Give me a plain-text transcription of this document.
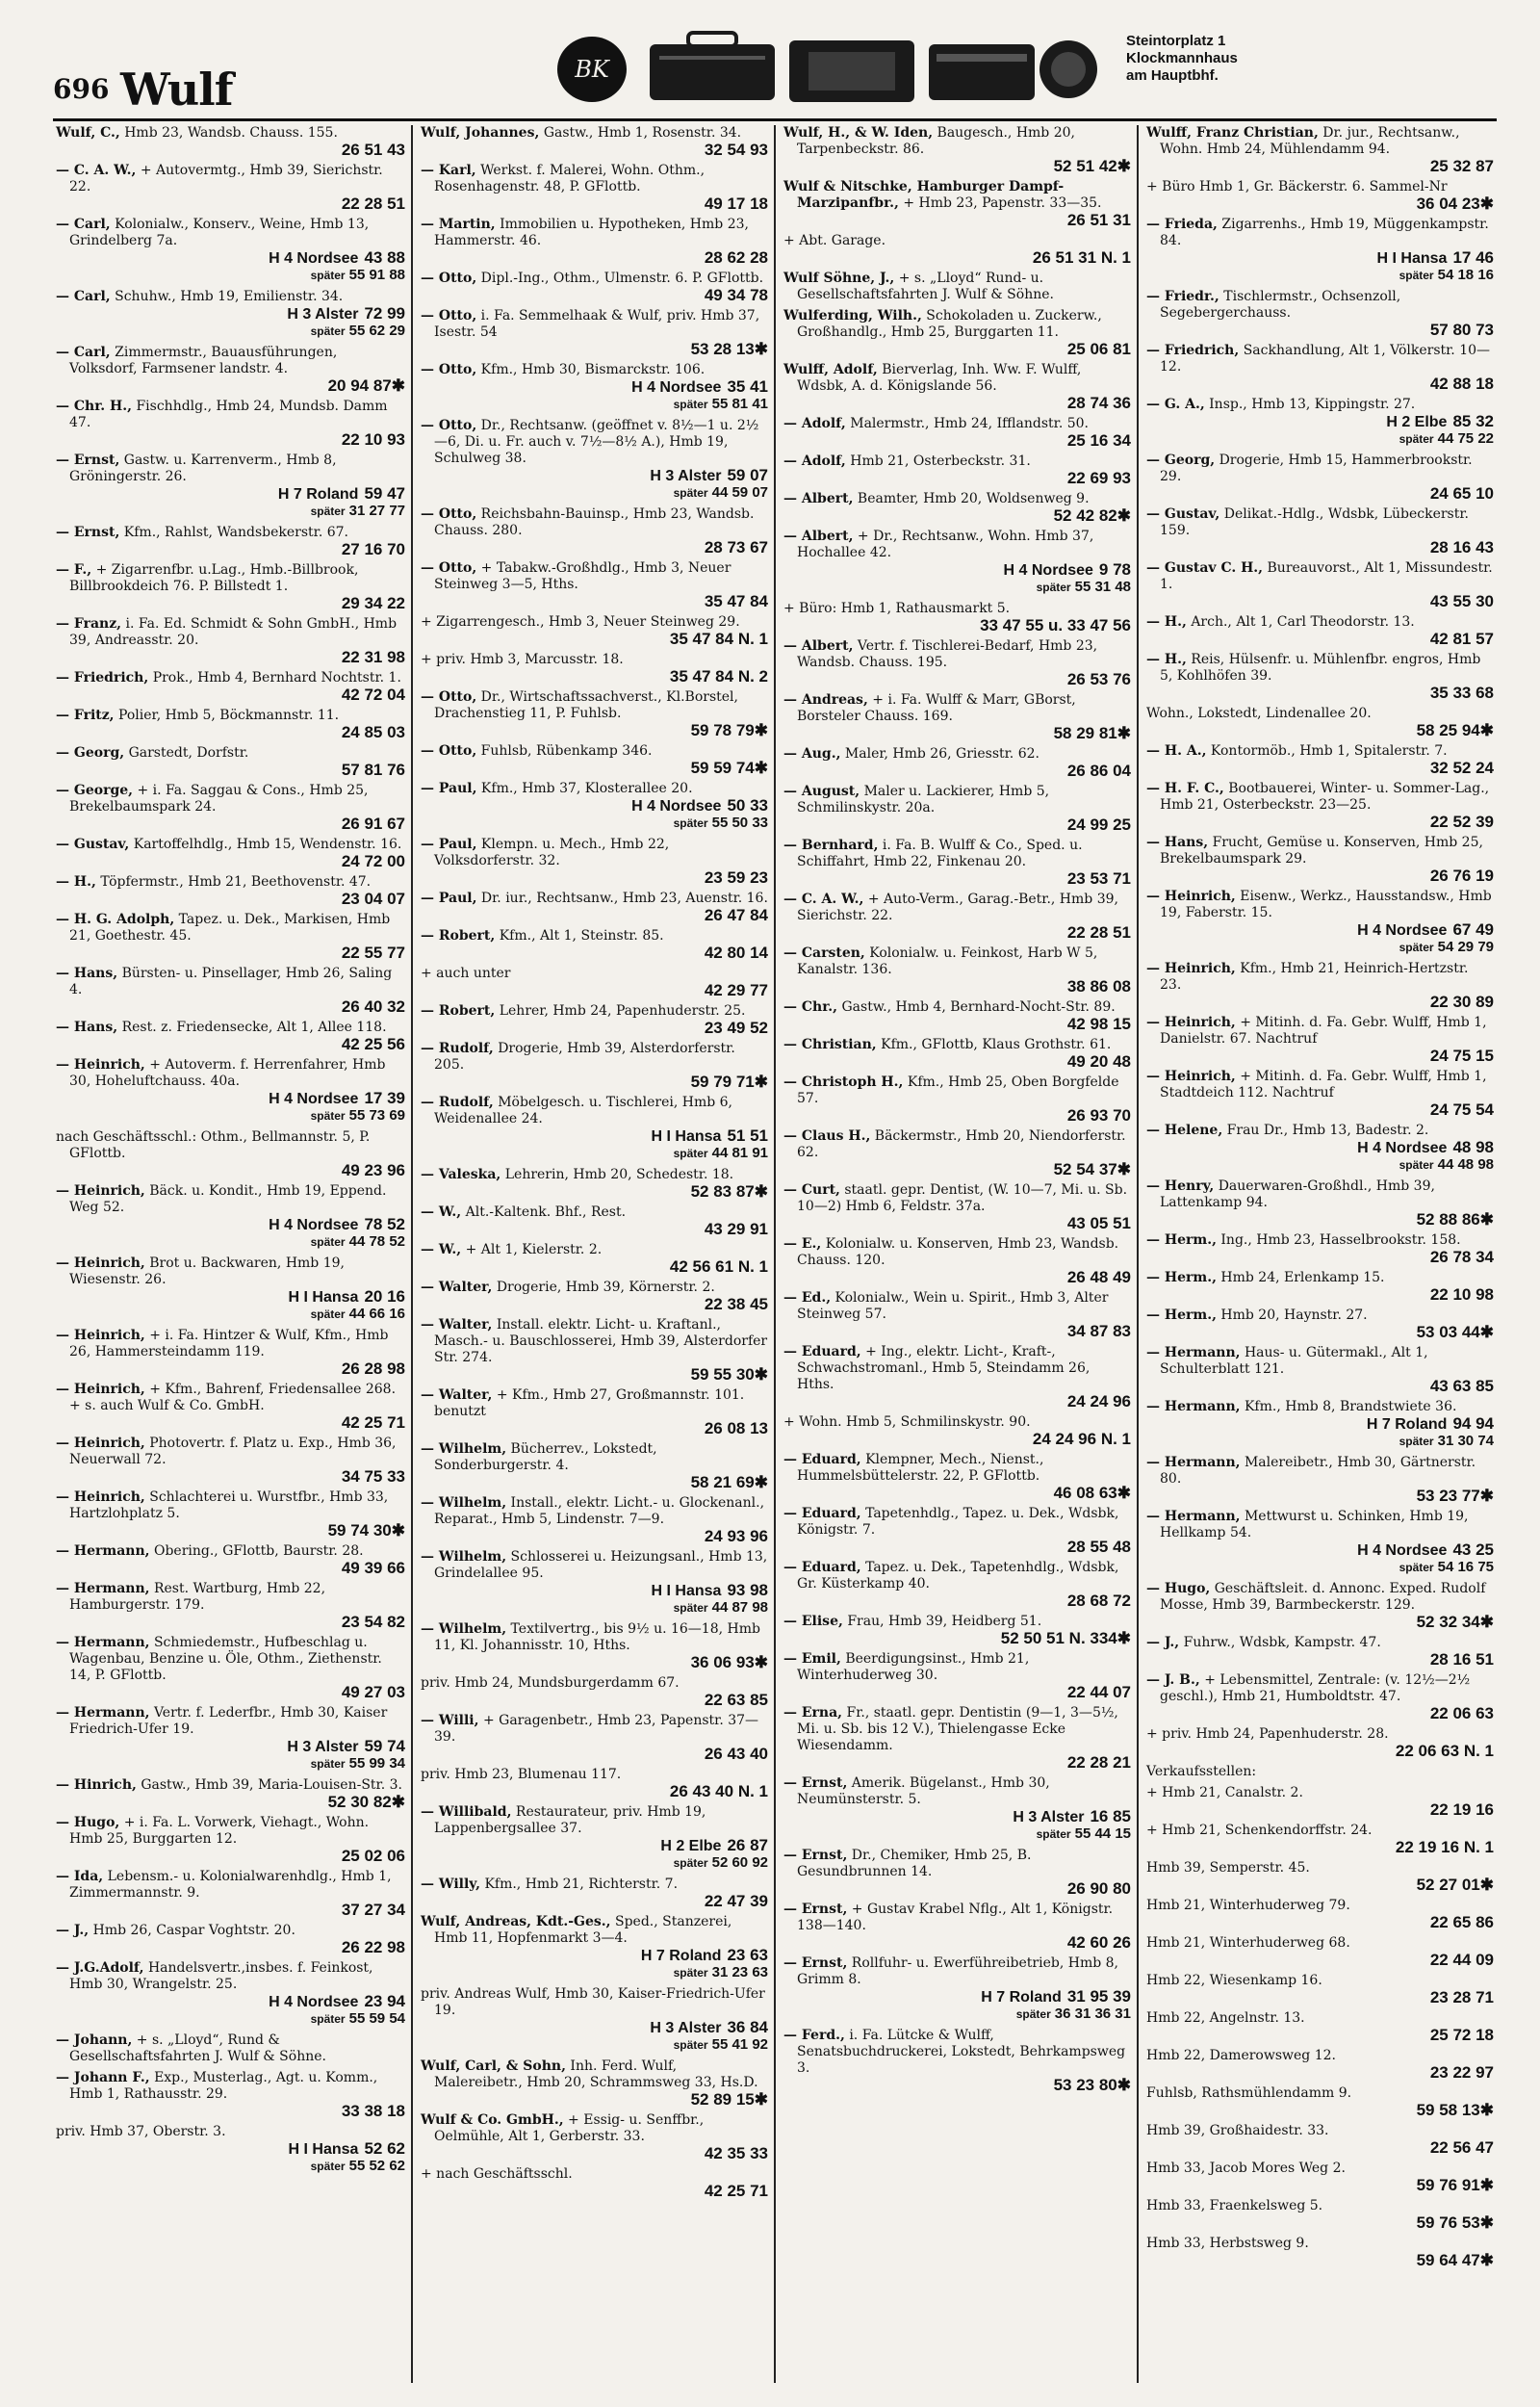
696 Wulf	BK
Steintorplatz 1
Klockmannhaus
am Hauptbhf.
Wulf, C., Hmb 23, Wandsb. Chauss. 155.
26 51 43
— C. A. W., + Autovermtg., Hmb 39, Sierichstr. 22.
22 28 51
— Carl, Kolonialw., Konserv., Weine, Hmb 13, Grindelberg 7a.
H 4 Nordsee 43 88
später 55 91 88
— Carl, Schuhw., Hmb 19, Emilienstr. 34.
H 3 Alster 72 99
später 55 62 29
— Carl, Zimmermstr., Bauausführungen, Volksdorf, Farmsener landstr. 4.
20 94 87✱
— Chr. H., Fischhdlg., Hmb 24, Mundsb. Damm 47.
22 10 93
— Ernst, Gastw. u. Karrenverm., Hmb 8, Gröningerstr. 26.
H 7 Roland 59 47
später 31 27 77
— Ernst, Kfm., Rahlst, Wandsbekerstr. 67.
27 16 70
— F., + Zigarrenfbr. u.Lag., Hmb.-Billbrook, Billbrookdeich 76. P. Billstedt 1.
29 34 22
— Franz, i. Fa. Ed. Schmidt & Sohn GmbH., Hmb 39, Andreasstr. 20.
22 31 98
— Friedrich, Prok., Hmb 4, Bernhard Nochtstr. 1.
42 72 04
— Fritz, Polier, Hmb 5, Böckmannstr. 11.
24 85 03
— Georg, Garstedt, Dorfstr.
57 81 76
— George, + i. Fa. Saggau & Cons., Hmb 25, Brekelbaumspark 24.
26 91 67
— Gustav, Kartoffelhdlg., Hmb 15, Wendenstr. 16.
24 72 00
— H., Töpfermstr., Hmb 21, Beethovenstr. 47.
23 04 07
— H. G. Adolph, Tapez. u. Dek., Markisen, Hmb 21, Goethestr. 45.
22 55 77
— Hans, Bürsten- u. Pinsellager, Hmb 26, Saling 4.
26 40 32
— Hans, Rest. z. Friedensecke, Alt 1, Allee 118.
42 25 56
— Heinrich, + Autoverm. f. Herrenfahrer, Hmb 30, Hoheluftchauss. 40a.
H 4 Nordsee 17 39
später 55 73 69
nach Geschäftsschl.: Othm., Bellmannstr. 5, P. GFlottb.
49 23 96
— Heinrich, Bäck. u. Kondit., Hmb 19, Eppend. Weg 52.
H 4 Nordsee 78 52
später 44 78 52
— Heinrich, Brot u. Backwaren, Hmb 19, Wiesenstr. 26.
H I Hansa 20 16
später 44 66 16
— Heinrich, + i. Fa. Hintzer & Wulf, Kfm., Hmb 26, Hammersteindamm 119.
26 28 98
— Heinrich, + Kfm., Bahrenf, Friedensallee 268. + s. auch Wulf & Co. GmbH.
42 25 71
— Heinrich, Photovertr. f. Platz u. Exp., Hmb 36, Neuerwall 72.
34 75 33
— Heinrich, Schlachterei u. Wurstfbr., Hmb 33, Hartzlohplatz 5.
59 74 30✱
— Hermann, Obering., GFlottb, Baurstr. 28.
49 39 66
— Hermann, Rest. Wartburg, Hmb 22, Hamburgerstr. 179.
23 54 82
— Hermann, Schmiedemstr., Hufbeschlag u. Wagenbau, Benzine u. Öle, Othm., Ziethenstr. 14, P. GFlottb.
49 27 03
— Hermann, Vertr. f. Lederfbr., Hmb 30, Kaiser Friedrich-Ufer 19.
H 3 Alster 59 74
später 55 99 34
— Hinrich, Gastw., Hmb 39, Maria-Louisen-Str. 3.
52 30 82✱
— Hugo, + i. Fa. L. Vorwerk, Viehagt., Wohn. Hmb 25, Burggarten 12.
25 02 06
— Ida, Lebensm.- u. Kolonialwarenhdlg., Hmb 1, Zimmermannstr. 9.
37 27 34
— J., Hmb 26, Caspar Voghtstr. 20.
26 22 98
— J.G.Adolf, Handelsvertr.,insbes. f. Feinkost, Hmb 30, Wrangelstr. 25.
H 4 Nordsee 23 94
später 55 59 54
— Johann, + s. „Lloyd“, Rund & Gesellschaftsfahrten J. Wulf & Söhne.
— Johann F., Exp., Musterlag., Agt. u. Komm., Hmb 1, Rathausstr. 29.
33 38 18
priv. Hmb 37, Oberstr. 3.
H I Hansa 52 62
später 55 52 62
Wulf, Johannes, Gastw., Hmb 1, Rosenstr. 34.
32 54 93
— Karl, Werkst. f. Malerei, Wohn. Othm., Rosenhagenstr. 48, P. GFlottb.
49 17 18
— Martin, Immobilien u. Hypotheken, Hmb 23, Hammerstr. 46.
28 62 28
— Otto, Dipl.-Ing., Othm., Ulmenstr. 6. P. GFlottb.
49 34 78
— Otto, i. Fa. Semmelhaak & Wulf, priv. Hmb 37, Isestr. 54
53 28 13✱
— Otto, Kfm., Hmb 30, Bismarckstr. 106.
H 4 Nordsee 35 41
später 55 81 41
— Otto, Dr., Rechtsanw. (geöffnet v. 8½—1 u. 2½—6, Di. u. Fr. auch v. 7½—8½ A.), Hmb 19, Schulweg 38.
H 3 Alster 59 07
später 44 59 07
— Otto, Reichsbahn-Bauinsp., Hmb 23, Wandsb. Chauss. 280.
28 73 67
— Otto, + Tabakw.-Großhdlg., Hmb 3, Neuer Steinweg 3—5, Hths.
35 47 84
+ Zigarrengesch., Hmb 3, Neuer Steinweg 29.
35 47 84 N. 1
+ priv. Hmb 3, Marcusstr. 18.
35 47 84 N. 2
— Otto, Dr., Wirtschaftssachverst., Kl.Borstel, Drachenstieg 11, P. Fuhlsb.
59 78 79✱
— Otto, Fuhlsb, Rübenkamp 346.
59 59 74✱
— Paul, Kfm., Hmb 37, Klosterallee 20.
H 4 Nordsee 50 33
später 55 50 33
— Paul, Klempn. u. Mech., Hmb 22, Volksdorferstr. 32.
23 59 23
— Paul, Dr. iur., Rechtsanw., Hmb 23, Auenstr. 16.
26 47 84
— Robert, Kfm., Alt 1, Steinstr. 85.
42 80 14
+ auch unter
42 29 77
— Robert, Lehrer, Hmb 24, Papenhuderstr. 25.
23 49 52
— Rudolf, Drogerie, Hmb 39, Alsterdorferstr. 205.
59 79 71✱
— Rudolf, Möbelgesch. u. Tischlerei, Hmb 6, Weidenallee 24.
H I Hansa 51 51
später 44 81 91
— Valeska, Lehrerin, Hmb 20, Schedestr. 18.
52 83 87✱
— W., Alt.-Kaltenk. Bhf., Rest.
43 29 91
— W., + Alt 1, Kielerstr. 2.
42 56 61 N. 1
— Walter, Drogerie, Hmb 39, Körnerstr. 2.
22 38 45
— Walter, Install. elektr. Licht- u. Kraftanl., Masch.- u. Bauschlosserei, Hmb 39, Alsterdorfer Str. 274.
59 55 30✱
— Walter, + Kfm., Hmb 27, Großmannstr. 101. benutzt
26 08 13
— Wilhelm, Bücherrev., Lokstedt, Sonderburgerstr. 4.
58 21 69✱
— Wilhelm, Install., elektr. Licht.- u. Glockenanl., Reparat., Hmb 5, Lindenstr. 7—9.
24 93 96
— Wilhelm, Schlosserei u. Heizungsanl., Hmb 13, Grindelallee 95.
H I Hansa 93 98
später 44 87 98
— Wilhelm, Textilvertrg., bis 9½ u. 16—18, Hmb 11, Kl. Johannisstr. 10, Hths.
36 06 93✱
priv. Hmb 24, Mundsburgerdamm 67.
22 63 85
— Willi, + Garagenbetr., Hmb 23, Papenstr. 37—39.
26 43 40
priv. Hmb 23, Blumenau 117.
26 43 40 N. 1
— Willibald, Restaurateur, priv. Hmb 19, Lappenbergsallee 37.
H 2 Elbe 26 87
später 52 60 92
— Willy, Kfm., Hmb 21, Richterstr. 7.
22 47 39
Wulf, Andreas, Kdt.-Ges., Sped., Stanzerei, Hmb 11, Hopfenmarkt 3—4.
H 7 Roland 23 63
später 31 23 63
priv. Andreas Wulf, Hmb 30, Kaiser-Friedrich-Ufer 19.
H 3 Alster 36 84
später 55 41 92
Wulf, Carl, & Sohn, Inh. Ferd. Wulf, Malereibetr., Hmb 20, Schrammsweg 33, Hs.D.
52 89 15✱
Wulf & Co. GmbH., + Essig- u. Senffbr., Oelmühle, Alt 1, Gerberstr. 33.
42 35 33
+ nach Geschäftsschl.
42 25 71
Wulf, H., & W. Iden, Baugesch., Hmb 20, Tarpenbeckstr. 86.
52 51 42✱
Wulf & Nitschke, Hamburger Dampf-Marzipanfbr., + Hmb 23, Papenstr. 33—35.
26 51 31
+ Abt. Garage.
26 51 31 N. 1
Wulf Söhne, J., + s. „Lloyd“ Rund- u. Gesellschaftsfahrten J. Wulf & Söhne.
Wulferding, Wilh., Schokoladen u. Zuckerw., Großhandlg., Hmb 25, Burggarten 11.
25 06 81
Wulff, Adolf, Bierverlag, Inh. Ww. F. Wulff, Wdsbk, A. d. Königslande 56.
28 74 36
— Adolf, Malermstr., Hmb 24, Ifflandstr. 50.
25 16 34
— Adolf, Hmb 21, Osterbeckstr. 31.
22 69 93
— Albert, Beamter, Hmb 20, Woldsenweg 9.
52 42 82✱
— Albert, + Dr., Rechtsanw., Wohn. Hmb 37, Hochallee 42.
H 4 Nordsee 9 78
später 55 31 48
+ Büro: Hmb 1, Rathausmarkt 5.
33 47 55 u. 33 47 56
— Albert, Vertr. f. Tischlerei-Bedarf, Hmb 23, Wandsb. Chauss. 195.
26 53 76
— Andreas, + i. Fa. Wulff & Marr, GBorst, Borsteler Chauss. 169.
58 29 81✱
— Aug., Maler, Hmb 26, Griesstr. 62.
26 86 04
— August, Maler u. Lackierer, Hmb 5, Schmilinskystr. 20a.
24 99 25
— Bernhard, i. Fa. B. Wulff & Co., Sped. u. Schiffahrt, Hmb 22, Finkenau 20.
23 53 71
— C. A. W., + Auto-Verm., Garag.-Betr., Hmb 39, Sierichstr. 22.
22 28 51
— Carsten, Kolonialw. u. Feinkost, Harb W 5, Kanalstr. 136.
38 86 08
— Chr., Gastw., Hmb 4, Bernhard-Nocht-Str. 89.
42 98 15
— Christian, Kfm., GFlottb, Klaus Grothstr. 61.
49 20 48
— Christoph H., Kfm., Hmb 25, Oben Borgfelde 57.
26 93 70
— Claus H., Bäckermstr., Hmb 20, Niendorferstr. 62.
52 54 37✱
— Curt, staatl. gepr. Dentist, (W. 10—7, Mi. u. Sb. 10—2) Hmb 6, Feldstr. 37a.
43 05 51
— E., Kolonialw. u. Konserven, Hmb 23, Wandsb. Chauss. 120.
26 48 49
— Ed., Kolonialw., Wein u. Spirit., Hmb 3, Alter Steinweg 57.
34 87 83
— Eduard, + Ing., elektr. Licht-, Kraft-, Schwachstromanl., Hmb 5, Steindamm 26, Hths.
24 24 96
+ Wohn. Hmb 5, Schmilinskystr. 90.
24 24 96 N. 1
— Eduard, Klempner, Mech., Nienst., Hummelsbüttelerstr. 22, P. GFlottb.
46 08 63✱
— Eduard, Tapetenhdlg., Tapez. u. Dek., Wdsbk, Königstr. 7.
28 55 48
— Eduard, Tapez. u. Dek., Tapetenhdlg., Wdsbk, Gr. Küsterkamp 40.
28 68 72
— Elise, Frau, Hmb 39, Heidberg 51.
52 50 51 N. 334✱
— Emil, Beerdigungsinst., Hmb 21, Winterhuderweg 30.
22 44 07
— Erna, Fr., staatl. gepr. Dentistin (9—1, 3—5½, Mi. u. Sb. bis 12 V.), Thielengasse Ecke Wiesendamm.
22 28 21
— Ernst, Amerik. Bügelanst., Hmb 30, Neumünsterstr. 5.
H 3 Alster 16 85
später 55 44 15
— Ernst, Dr., Chemiker, Hmb 25, B. Gesundbrunnen 14.
26 90 80
— Ernst, + Gustav Krabel Nflg., Alt 1, Königstr. 138—140.
42 60 26
— Ernst, Rollfuhr- u. Ewerführeibetrieb, Hmb 8, Grimm 8.
H 7 Roland 31 95 39
später 36 31 36 31
— Ferd., i. Fa. Lütcke & Wulff, Senatsbuchdruckerei, Lokstedt, Behrkampsweg 3.
53 23 80✱
Wulff, Franz Christian, Dr. jur., Rechtsanw., Wohn. Hmb 24, Mühlendamm 94.
25 32 87
+ Büro Hmb 1, Gr. Bäckerstr. 6. Sammel-Nr
36 04 23✱
— Frieda, Zigarrenhs., Hmb 19, Müggenkampstr. 84.
H I Hansa 17 46
später 54 18 16
— Friedr., Tischlermstr., Ochsenzoll, Segebergerchauss.
57 80 73
— Friedrich, Sackhandlung, Alt 1, Völkerstr. 10—12.
42 88 18
— G. A., Insp., Hmb 13, Kippingstr. 27.
H 2 Elbe 85 32
später 44 75 22
— Georg, Drogerie, Hmb 15, Hammerbrookstr. 29.
24 65 10
— Gustav, Delikat.-Hdlg., Wdsbk, Lübeckerstr. 159.
28 16 43
— Gustav C. H., Bureauvorst., Alt 1, Missundestr. 1.
43 55 30
— H., Arch., Alt 1, Carl Theodorstr. 13.
42 81 57
— H., Reis, Hülsenfr. u. Mühlenfbr. engros, Hmb 5, Kohlhöfen 39.
35 33 68
Wohn., Lokstedt, Lindenallee 20.
58 25 94✱
— H. A., Kontormöb., Hmb 1, Spitalerstr. 7.
32 52 24
— H. F. C., Bootbauerei, Winter- u. Sommer-Lag., Hmb 21, Osterbeckstr. 23—25.
22 52 39
— Hans, Frucht, Gemüse u. Konserven, Hmb 25, Brekelbaumspark 29.
26 76 19
— Heinrich, Eisenw., Werkz., Hausstandsw., Hmb 19, Faberstr. 15.
H 4 Nordsee 67 49
später 54 29 79
— Heinrich, Kfm., Hmb 21, Heinrich-Hertzstr. 23.
22 30 89
— Heinrich, + Mitinh. d. Fa. Gebr. Wulff, Hmb 1, Danielstr. 67. Nachtruf
24 75 15
— Heinrich, + Mitinh. d. Fa. Gebr. Wulff, Hmb 1, Stadtdeich 112. Nachtruf
24 75 54
— Helene, Frau Dr., Hmb 13, Badestr. 2.
H 4 Nordsee 48 98
später 44 48 98
— Henry, Dauerwaren-Großhdl., Hmb 39, Lattenkamp 94.
52 88 86✱
— Herm., Ing., Hmb 23, Hasselbrookstr. 158.
26 78 34
— Herm., Hmb 24, Erlenkamp 15.
22 10 98
— Herm., Hmb 20, Haynstr. 27.
53 03 44✱
— Hermann, Haus- u. Gütermakl., Alt 1, Schulterblatt 121.
43 63 85
— Hermann, Kfm., Hmb 8, Brandstwiete 36.
H 7 Roland 94 94
später 31 30 74
— Hermann, Malereibetr., Hmb 30, Gärtnerstr. 80.
53 23 77✱
— Hermann, Mettwurst u. Schinken, Hmb 19, Hellkamp 54.
H 4 Nordsee 43 25
später 54 16 75
— Hugo, Geschäftsleit. d. Annonc. Exped. Rudolf Mosse, Hmb 39, Barmbeckerstr. 129.
52 32 34✱
— J., Fuhrw., Wdsbk, Kampstr. 47.
28 16 51
— J. B., + Lebensmittel, Zentrale: (v. 12½—2½ geschl.), Hmb 21, Humboldtstr. 47.
22 06 63
+ priv. Hmb 24, Papenhuderstr. 28.
22 06 63 N. 1
Verkaufsstellen:
+ Hmb 21, Canalstr. 2.
22 19 16
+ Hmb 21, Schenkendorffstr. 24.
22 19 16 N. 1
Hmb 39, Semperstr. 45.
52 27 01✱
Hmb 21, Winterhuderweg 79.
22 65 86
Hmb 21, Winterhuderweg 68.
22 44 09
Hmb 22, Wiesenkamp 16.
23 28 71
Hmb 22, Angelnstr. 13.
25 72 18
Hmb 22, Damerowsweg 12.
23 22 97
Fuhlsb, Rathsmühlendamm 9.
59 58 13✱
Hmb 39, Großhaidestr. 33.
22 56 47
Hmb 33, Jacob Mores Weg 2.
59 76 91✱
Hmb 33, Fraenkelsweg 5.
59 76 53✱
Hmb 33, Herbstsweg 9.
59 64 47✱
